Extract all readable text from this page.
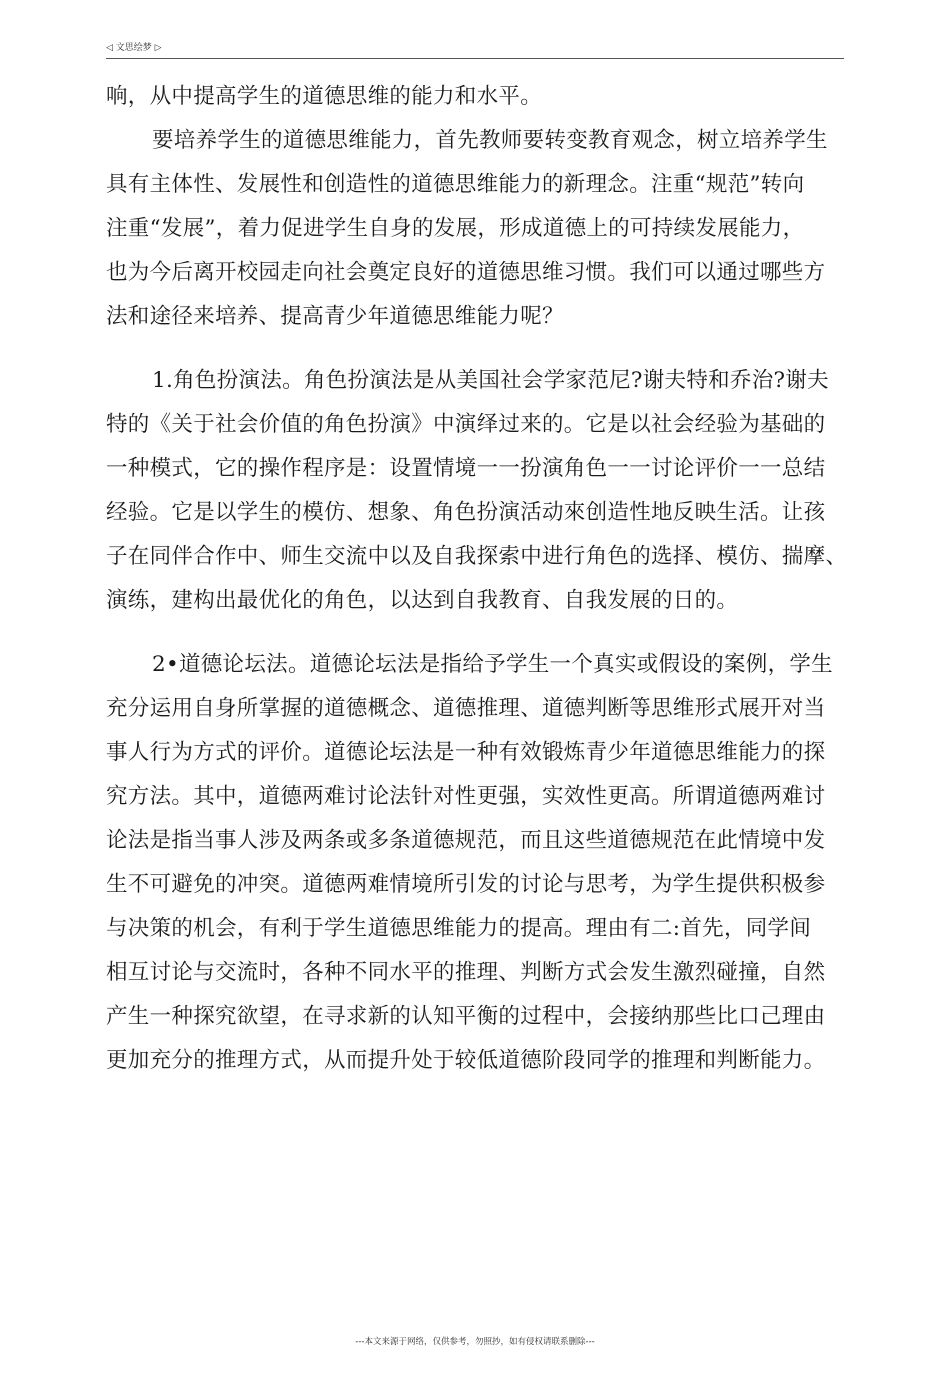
◁ 文思绘梦 ▷
响，从中提高学生的道德思维的能力和水平。
要培养学生的道德思维能力，首先教师要转变教育观念，树立培养学生
具有主体性、发展性和创造性的道德思维能力的新理念。注重“规范”转向
注重“发展”，着力促进学生自身的发展，形成道德上的可持续发展能力，
也为今后离开校园走向社会奠定良好的道德思维习惯。我们可以通过哪些方
法和途径来培养、提高青少年道德思维能力呢？
1.角色扮演法。角色扮演法是从美国社会学家范尼?谢夫特和乔治?谢夫
特的《关于社会价值的角色扮演》中演绎过来的。它是以社会经验为基础的
一种模式，它的操作程序是：设置情境一一扮演角色一一讨论评价一一总结
经验。它是以学生的模仿、想象、角色扮演活动來创造性地反映生活。让孩
子在同伴合作中、师生交流中以及自我探索中进行角色的选择、模仿、揣摩、
演练，建构出最优化的角色，以达到自我教育、自我发展的日的。
2•道德论坛法。道德论坛法是指给予学生一个真实或假设的案例，学生
充分运用自身所掌握的道德概念、道德推理、道德判断等思维形式展开对当
事人行为方式的评价。道德论坛法是一种有效锻炼青少年道德思维能力的探
究方法。其中，道德两难讨论法针对性更强，实效性更高。所谓道德两难讨
论法是指当事人涉及两条或多条道德规范，而且这些道德规范在此情境中发
生不可避免的冲突。道德两难情境所引发的讨论与思考，为学生提供积极参
与决策的机会，有利于学生道德思维能力的提高。理由有二:首先，同学间
相互讨论与交流时，各种不同水平的推理、判断方式会发生激烈碰撞，自然
产生一种探究欲望，在寻求新的认知平衡的过程中，会接纳那些比口己理由
更加充分的推理方式，从而提升处于较低道德阶段同学的推理和判断能力。
---本文来源于网络，仅供参考，勿照抄，如有侵权请联系删除---
